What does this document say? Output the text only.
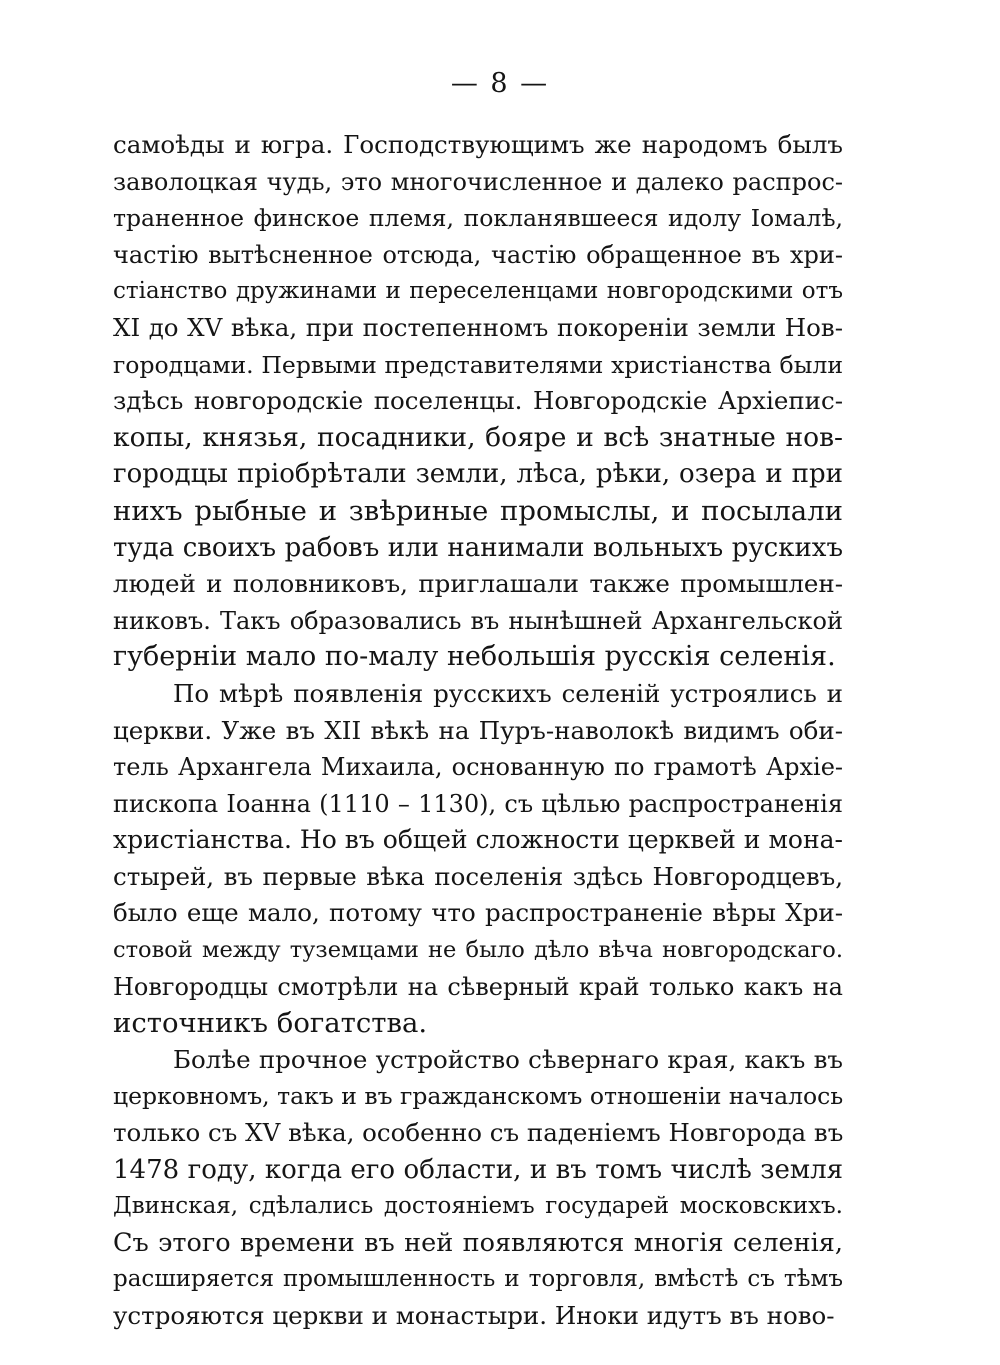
— 8 —
самоѣды и югра. Господствующимъ же народомъ былъ
заволоцкая чудь, это многочисленное и далеко распрос-
траненное финское племя, покланявшееся идолу Іомалѣ,
частію вытѣсненное отсюда, частію обращенное въ хри-
стіанство дружинами и переселенцами новгородскими отъ
XI до XV вѣка, при постепенномъ покореніи земли Нов-
городцами. Первыми представителями христіанства были
здѣсь новгородскіе поселенцы. Новгородскіе Архіепис-
копы, князья, посадники, бояре и всѣ знатные нов-
городцы пріобрѣтали земли, лѣса, рѣки, озера и при
нихъ рыбные и звѣриные промыслы, и посылали
туда своихъ рабовъ или нанимали вольныхъ рускихъ
людей и половниковъ, приглашали также промышлен-
никовъ. Такъ образовались въ нынѣшней Архангельской
губерніи мало по-малу небольшія русскія селенія.
По мѣрѣ появленія русскихъ селеній устроялись и
церкви. Уже въ XII вѣкѣ на Пуръ-наволокѣ видимъ оби-
тель Архангела Михаила, основанную по грамотѣ Архіе-
пископа Іоанна (1110 – 1130), съ цѣлью распространенія
христіанства. Но въ общей сложности церквей и мона-
стырей, въ первые вѣка поселенія здѣсь Новгородцевъ,
было еще мало, потому что распространеніе вѣры Хри-
стовой между туземцами не было дѣло вѣча новгородскаго.
Новгородцы смотрѣли на сѣверный край только какъ на
источникъ богатства.
Болѣе прочное устройство сѣвернаго края, какъ въ
церковномъ, такъ и въ гражданскомъ отношеніи началось
только съ XV вѣка, особенно съ паденіемъ Новгорода въ
1478 году, когда его области, и въ томъ числѣ земля
Двинская, сдѣлались достояніемъ государей московскихъ.
Съ этого времени въ ней появляются многія селенія,
расширяется промышленность и торговля, вмѣстѣ съ тѣмъ
устрояются церкви и монастыри. Иноки идутъ въ ново-
